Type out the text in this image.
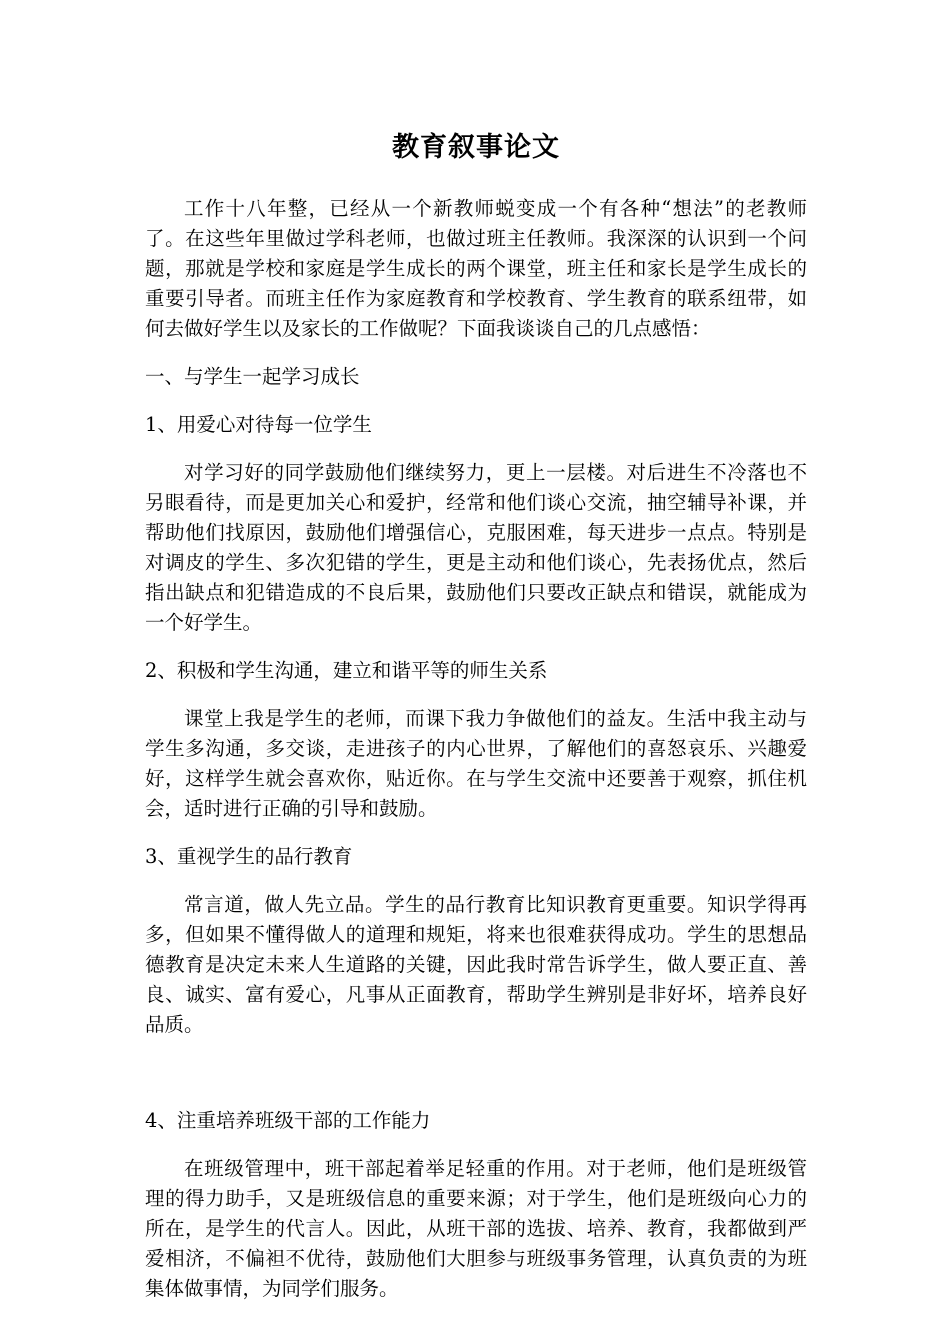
教育叙事论文

工作十八年整，已经从一个新教师蜕变成一个有各种“想法”的老教师了。在这些年里做过学科老师，也做过班主任教师。我深深的认识到一个问题，那就是学校和家庭是学生成长的两个课堂，班主任和家长是学生成长的重要引导者。而班主任作为家庭教育和学校教育、学生教育的联系纽带，如何去做好学生以及家长的工作做呢？下面我谈谈自己的几点感悟：

一、与学生一起学习成长
1、用爱心对待每一位学生

对学习好的同学鼓励他们继续努力，更上一层楼。对后进生不冷落也不另眼看待，而是更加关心和爱护，经常和他们谈心交流，抽空辅导补课，并帮助他们找原因，鼓励他们增强信心，克服困难，每天进步一点点。特别是对调皮的学生、多次犯错的学生，更是主动和他们谈心，先表扬优点，然后指出缺点和犯错造成的不良后果，鼓励他们只要改正缺点和错误，就能成为一个好学生。

2、积极和学生沟通，建立和谐平等的师生关系

课堂上我是学生的老师，而课下我力争做他们的益友。生活中我主动与学生多沟通，多交谈，走进孩子的内心世界，了解他们的喜怒哀乐、兴趣爱好，这样学生就会喜欢你，贴近你。在与学生交流中还要善于观察，抓住机会，适时进行正确的引导和鼓励。

3、重视学生的品行教育

常言道，做人先立品。学生的品行教育比知识教育更重要。知识学得再多，但如果不懂得做人的道理和规矩，将来也很难获得成功。学生的思想品德教育是决定未来人生道路的关键，因此我时常告诉学生，做人要正直、善良、诚实、富有爱心，凡事从正面教育，帮助学生辨别是非好坏，培养良好品质。

4、注重培养班级干部的工作能力

在班级管理中，班干部起着举足轻重的作用。对于老师，他们是班级管理的得力助手，又是班级信息的重要来源；对于学生，他们是班级向心力的所在，是学生的代言人。因此，从班干部的选拔、培养、教育，我都做到严爱相济，不偏袒不优待，鼓励他们大胆参与班级事务管理，认真负责的为班集体做事情，为同学们服务。
